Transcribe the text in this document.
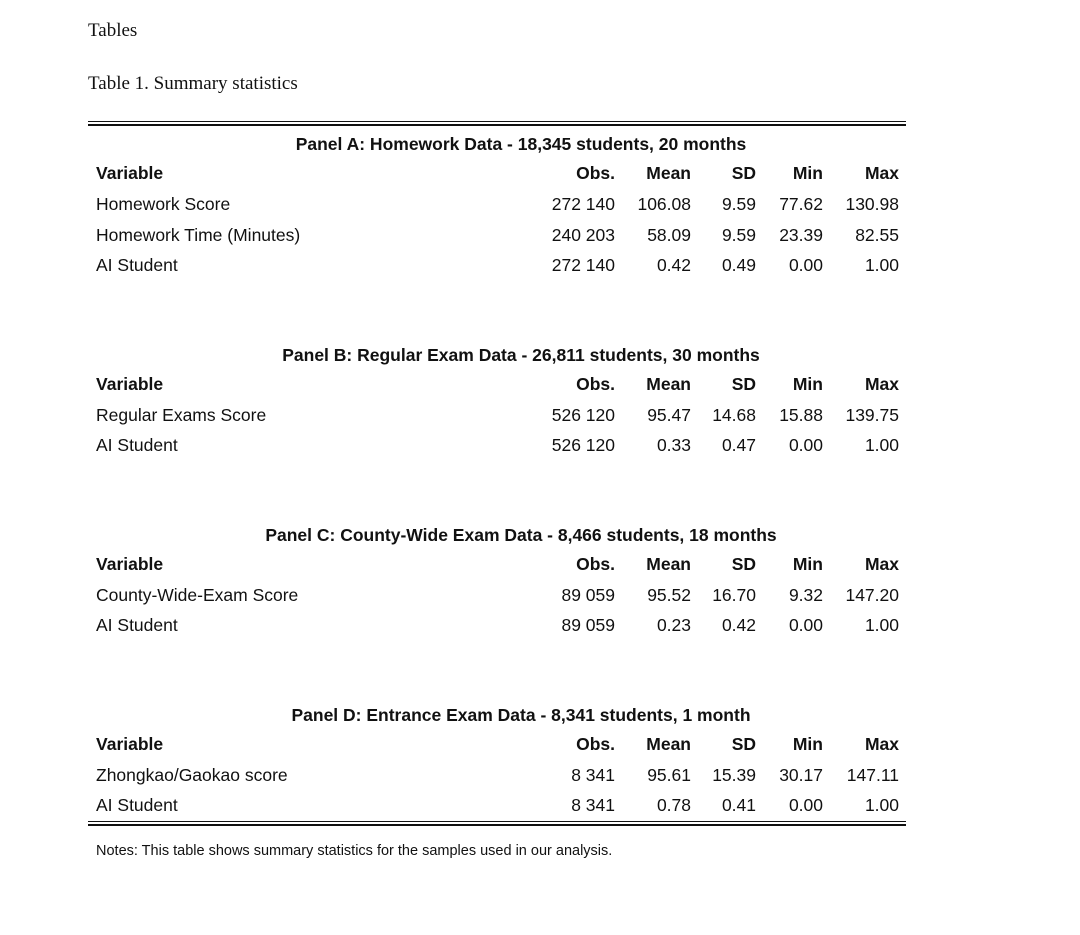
Tables
Table 1. Summary statistics
Panel A: Homework Data - 18,345 students, 20 months
Variable	Obs. Mean SD Min Max
Homework Score	272 140 106.08 9.59 77.62 130.98
Homework Time (Minutes)	240 203 58.09 9.59 23.39 82.55
AI Student	272 140 0.42 0.49 0.00 1.00
Panel B: Regular Exam Data - 26,811 students, 30 months
Variable	Obs. Mean SD Min Max
Regular Exams Score	526 120 95.47 14.68 15.88 139.75
AI Student	526 120 0.33 0.47 0.00 1.00
Panel C: County-Wide Exam Data - 8,466 students, 18 months
Variable	Obs. Mean SD Min Max
County-Wide-Exam Score	89 059 95.52 16.70 9.32 147.20
AI Student	89 059 0.23 0.42 0.00 1.00
Panel D: Entrance Exam Data - 8,341 students, 1 month
Variable	Obs. Mean SD Min Max
Zhongkao/Gaokao score	8 341 95.61 15.39 30.17 147.11
AI Student	8 341 0.78 0.41 0.00 1.00
Notes: This table shows summary statistics for the samples used in our analysis.
